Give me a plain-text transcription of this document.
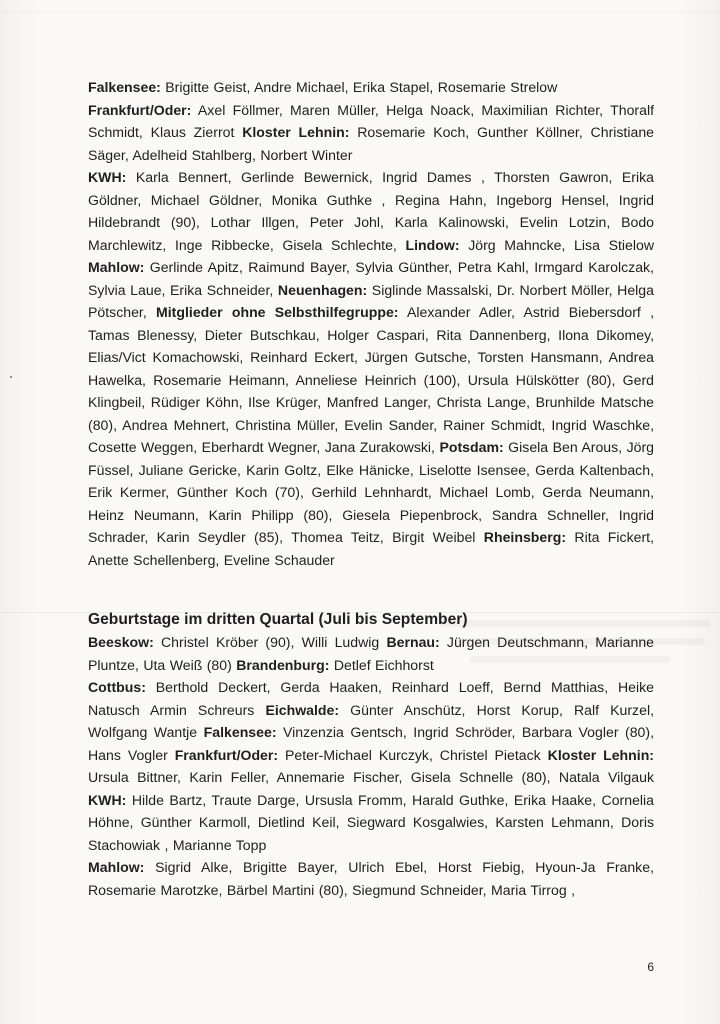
Falkensee: Brigitte Geist, Andre Michael, Erika Stapel, Rosemarie Strelow
Frankfurt/Oder: Axel Föllmer, Maren Müller, Helga Noack, Maximilian Richter, Thoralf Schmidt, Klaus Zierrot Kloster Lehnin: Rosemarie Koch, Gunther Köllner, Christiane Säger, Adelheid Stahlberg, Norbert Winter
KWH: Karla Bennert, Gerlinde Bewernick, Ingrid Dames , Thorsten Gawron, Erika Göldner, Michael Göldner, Monika Guthke , Regina Hahn, Ingeborg Hensel, Ingrid Hildebrandt (90), Lothar Illgen, Peter Johl, Karla Kalinowski, Evelin Lotzin, Bodo Marchlewitz, Inge Ribbecke, Gisela Schlechte, Lindow: Jörg Mahncke, Lisa Stielow Mahlow: Gerlinde Apitz, Raimund Bayer, Sylvia Günther, Petra Kahl, Irmgard Karolczak, Sylvia Laue, Erika Schneider, Neuenhagen: Siglinde Massalski, Dr. Norbert Möller, Helga Pötscher, Mitglieder ohne Selbsthilfegruppe: Alexander Adler, Astrid Biebersdorf , Tamas Blenessy, Dieter Butschkau, Holger Caspari, Rita Dannenberg, Ilona Dikomey, Elias/Vict Komachowski, Reinhard Eckert, Jürgen Gutsche, Torsten Hansmann, Andrea Hawelka, Rosemarie Heimann, Anneliese Heinrich (100), Ursula Hülskötter (80), Gerd Klingbeil, Rüdiger Köhn, Ilse Krüger, Manfred Langer, Christa Lange, Brunhilde Matsche (80), Andrea Mehnert, Christina Müller, Evelin Sander, Rainer Schmidt, Ingrid Waschke, Cosette Weggen, Eberhardt Wegner, Jana Zurakowski, Potsdam: Gisela Ben Arous, Jörg Füssel, Juliane Gericke, Karin Goltz, Elke Hänicke, Liselotte Isensee, Gerda Kaltenbach, Erik Kermer, Günther Koch (70), Gerhild Lehnhardt, Michael Lomb, Gerda Neumann, Heinz Neumann, Karin Philipp (80), Giesela Piepenbrock, Sandra Schneller, Ingrid Schrader, Karin Seydler (85), Thomea Teitz, Birgit Weibel Rheinsberg: Rita Fickert, Anette Schellenberg, Eveline Schauder

Geburtstage im dritten Quartal (Juli bis September)

Beeskow: Christel Kröber (90), Willi Ludwig Bernau: Jürgen Deutschmann, Marianne Pluntze, Uta Weiß (80) Brandenburg: Detlef Eichhorst
Cottbus: Berthold Deckert, Gerda Haaken, Reinhard Loeff, Bernd Matthias, Heike Natusch Armin Schreurs Eichwalde: Günter Anschütz, Horst Korup, Ralf Kurzel, Wolfgang Wantje Falkensee: Vinzenzia Gentsch, Ingrid Schröder, Barbara Vogler (80), Hans Vogler Frankfurt/Oder: Peter-Michael Kurczyk, Christel Pietack Kloster Lehnin: Ursula Bittner, Karin Feller, Annemarie Fischer, Gisela Schnelle (80), Natala Vilgauk KWH: Hilde Bartz, Traute Darge, Ursusla Fromm, Harald Guthke, Erika Haake, Cornelia Höhne, Günther Karmoll, Dietlind Keil, Siegward Kosgalwies, Karsten Lehmann, Doris Stachowiak , Marianne Topp
Mahlow: Sigrid Alke, Brigitte Bayer, Ulrich Ebel, Horst Fiebig, Hyoun-Ja Franke, Rosemarie Marotzke, Bärbel Martini (80), Siegmund Schneider, Maria Tirrog ,

6
